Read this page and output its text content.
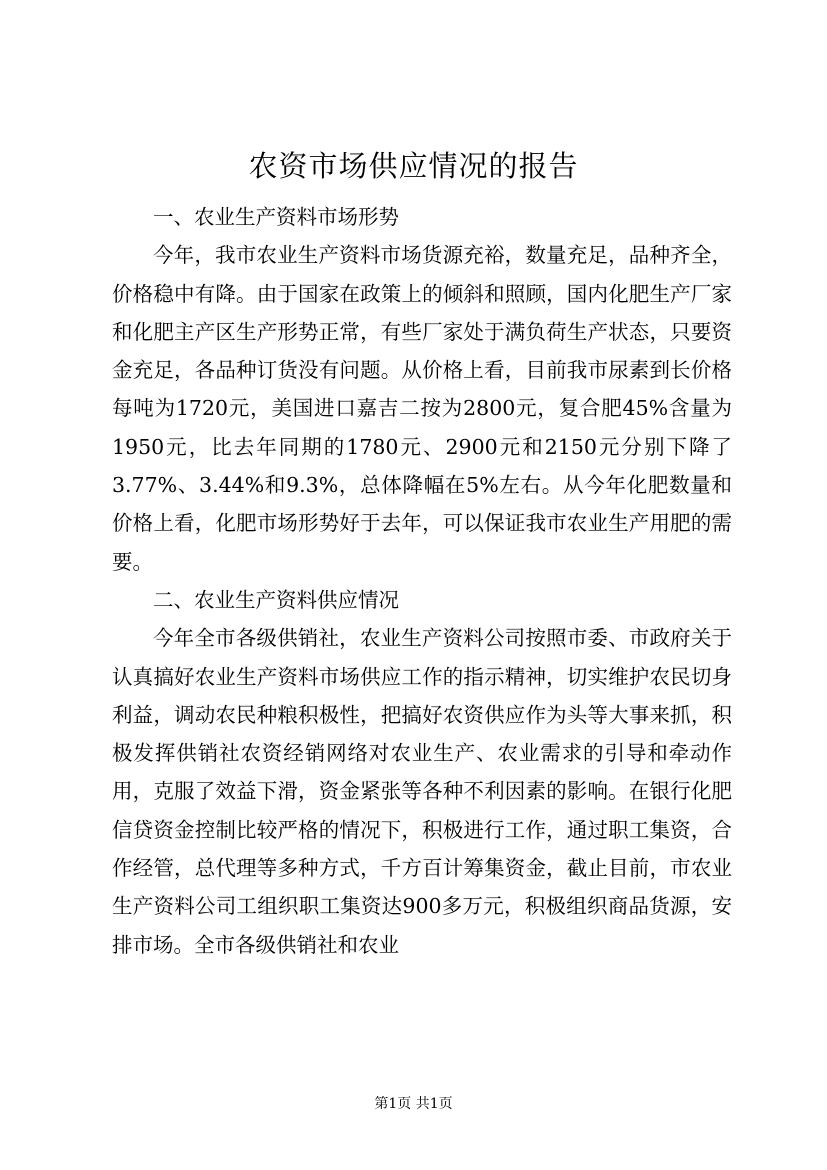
农资市场供应情况的报告

一、农业生产资料市场形势

今年，我市农业生产资料市场货源充裕，数量充足，品种齐全，价格稳中有降。由于国家在政策上的倾斜和照顾，国内化肥生产厂家和化肥主产区生产形势正常，有些厂家处于满负荷生产状态，只要资金充足，各品种订货没有问题。从价格上看，目前我市尿素到长价格每吨为1720元，美国进口嘉吉二按为2800元，复合肥45%含量为1950元，比去年同期的1780元、2900元和2150元分别下降了3.77%、3.44%和9.3%，总体降幅在5%左右。从今年化肥数量和价格上看，化肥市场形势好于去年，可以保证我市农业生产用肥的需要。

二、农业生产资料供应情况

今年全市各级供销社，农业生产资料公司按照市委、市政府关于认真搞好农业生产资料市场供应工作的指示精神，切实维护农民切身利益，调动农民种粮积极性，把搞好农资供应作为头等大事来抓，积极发挥供销社农资经销网络对农业生产、农业需求的引导和牵动作用，克服了效益下滑，资金紧张等各种不利因素的影响。在银行化肥信贷资金控制比较严格的情况下，积极进行工作，通过职工集资，合作经管，总代理等多种方式，千方百计筹集资金，截止目前，市农业生产资料公司工组织职工集资达900多万元，积极组织商品货源，安排市场。全市各级供销社和农业

第1页 共1页
